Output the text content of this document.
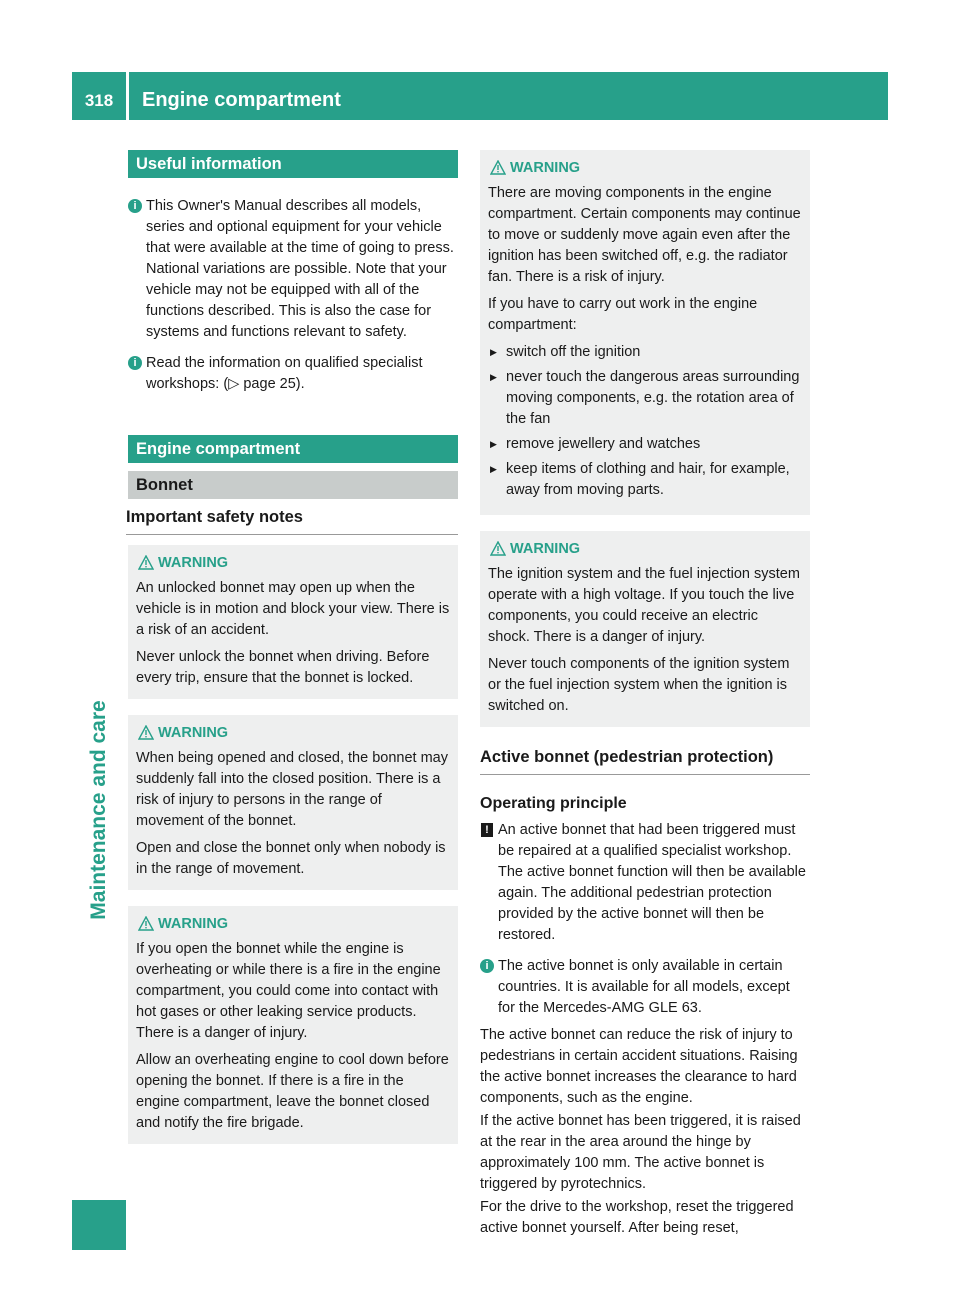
318	Engine compartment
Maintenance and care
Useful information
i This Owner's Manual describes all models, series and optional equipment for your vehicle that were available at the time of going to press. National variations are possible. Note that your vehicle may not be equipped with all of the functions described. This is also the case for systems and functions relevant to safety.
i Read the information on qualified specialist workshops: (▷ page 25).
Engine compartment
Bonnet
Important safety notes
WARNING

An unlocked bonnet may open up when the vehicle is in motion and block your view. There is a risk of an accident.

Never unlock the bonnet when driving. Before every trip, ensure that the bonnet is locked.

WARNING

When being opened and closed, the bonnet may suddenly fall into the closed position. There is a risk of injury to persons in the range of movement of the bonnet.

Open and close the bonnet only when nobody is in the range of movement.

WARNING

If you open the bonnet while the engine is overheating or while there is a fire in the engine compartment, you could come into contact with hot gases or other leaking service products. There is a danger of injury.

Allow an overheating engine to cool down before opening the bonnet. If there is a fire in the engine compartment, leave the bonnet closed and notify the fire brigade.

WARNING

There are moving components in the engine compartment. Certain components may continue to move or suddenly move again even after the ignition has been switched off, e.g. the radiator fan. There is a risk of injury.

If you have to carry out work in the engine compartment:

▶ switch off the ignition
▶ never touch the dangerous areas surrounding moving components, e.g. the rotation area of the fan
▶ remove jewellery and watches
▶ keep items of clothing and hair, for example, away from moving parts.
WARNING

The ignition system and the fuel injection system operate with a high voltage. If you touch the live components, you could receive an electric shock. There is a danger of injury.

Never touch components of the ignition system or the fuel injection system when the ignition is switched on.

Active bonnet (pedestrian protection)
Operating principle
! An active bonnet that had been triggered must be repaired at a qualified specialist workshop. The active bonnet function will then be available again. The additional pedestrian protection provided by the active bonnet will then be restored.
i The active bonnet is only available in certain countries. It is available for all models, except for the Mercedes-AMG GLE 63.

The active bonnet can reduce the risk of injury to pedestrians in certain accident situations. Raising the active bonnet increases the clearance to hard components, such as the engine.

If the active bonnet has been triggered, it is raised at the rear in the area around the hinge by approximately 100 mm. The active bonnet is triggered by pyrotechnics.

For the drive to the workshop, reset the triggered active bonnet yourself. After being reset,
